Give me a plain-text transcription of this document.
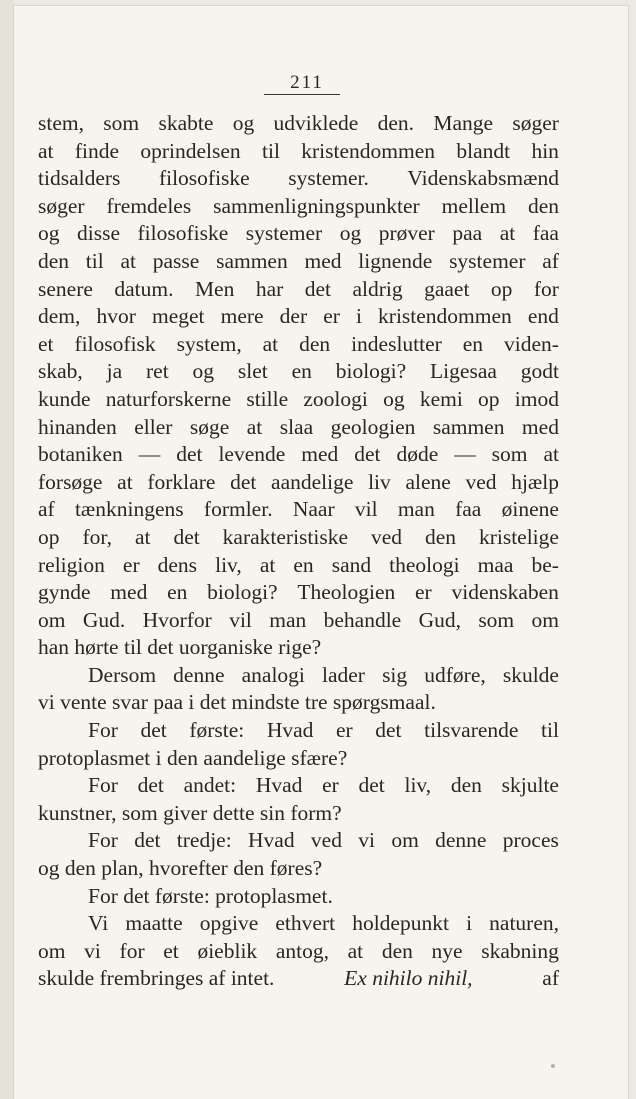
211
stem, som skabte og udviklede den. Mange søger
at finde oprindelsen til kristendommen blandt hin
tidsalders filosofiske systemer. Videnskabsmænd
søger fremdeles sammenligningspunkter mellem den
og disse filosofiske systemer og prøver paa at faa
den til at passe sammen med lignende systemer af
senere datum. Men har det aldrig gaaet op for
dem, hvor meget mere der er i kristendommen end
et filosofisk system, at den indeslutter en viden-
skab, ja ret og slet en biologi? Ligesaa godt
kunde naturforskerne stille zoologi og kemi op imod
hinanden eller søge at slaa geologien sammen med
botaniken — det levende med det døde — som at
forsøge at forklare det aandelige liv alene ved hjælp
af tænkningens formler. Naar vil man faa øinene
op for, at det karakteristiske ved den kristelige
religion er dens liv, at en sand theologi maa be-
gynde med en biologi? Theologien er videnskaben
om Gud. Hvorfor vil man behandle Gud, som om
han hørte til det uorganiske rige?
Dersom denne analogi lader sig udføre, skulde
vi vente svar paa i det mindste tre spørgsmaal.
For det første: Hvad er det tilsvarende til
protoplasmet i den aandelige sfære?
For det andet: Hvad er det liv, den skjulte
kunstner, som giver dette sin form?
For det tredje: Hvad ved vi om denne proces
og den plan, hvorefter den føres?
For det første: protoplasmet.
Vi maatte opgive ethvert holdepunkt i naturen,
om vi for et øieblik antog, at den nye skabning
skulde frembringes af intet.	Ex nihilo nihil,	af
